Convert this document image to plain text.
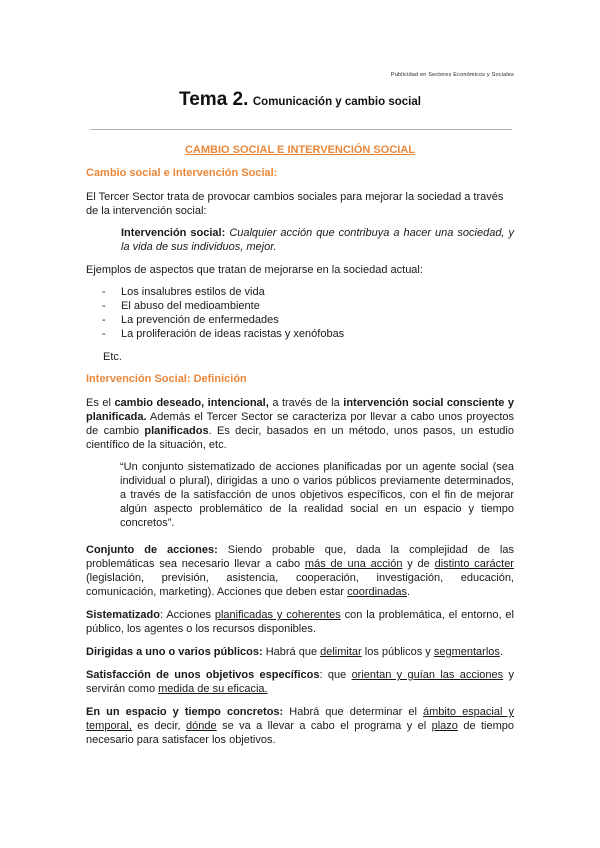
Publicidad en Sectores Económicos y Sociales
Tema 2. Comunicación y cambio social
CAMBIO SOCIAL E INTERVENCIÓN SOCIAL
Cambio social e Intervención Social:

El Tercer Sector trata de provocar cambios sociales para mejorar la sociedad a través de la intervención social:

Intervención social: Cualquier acción que contribuya a hacer una sociedad, y la vida de sus individuos, mejor.

Ejemplos de aspectos que tratan de mejorarse en la sociedad actual:

- Los insalubres estilos de vida
- El abuso del medioambiente
- La prevención de enfermedades
- La proliferación de ideas racistas y xenófobas

Etc.

Intervención Social: Definición

Es el cambio deseado, intencional, a través de la intervención social consciente y planificada. Además el Tercer Sector se caracteriza por llevar a cabo unos proyectos de cambio planificados. Es decir, basados en un método, unos pasos, un estudio científico de la situación, etc.

“Un conjunto sistematizado de acciones planificadas por un agente social (sea individual o plural), dirigidas a uno o varios públicos previamente determinados, a través de la satisfacción de unos objetivos específicos, con el fin de mejorar algún aspecto problemático de la realidad social en un espacio y tiempo concretos”.

Conjunto de acciones: Siendo probable que, dada la complejidad de las problemáticas sea necesario llevar a cabo más de una acción y de distinto carácter (legislación, previsión, asistencia, cooperación, investigación, educación, comunicación, marketing). Acciones que deben estar coordinadas.

Sistematizado: Acciones planificadas y coherentes con la problemática, el entorno, el público, los agentes o los recursos disponibles.

Dirigidas a uno o varios públicos: Habrá que delimitar los públicos y segmentarlos.

Satisfacción de unos objetivos específicos: que orientan y guían las acciones y servirán como medida de su eficacia.

En un espacio y tiempo concretos: Habrá que determinar el ámbito espacial y temporal, es decir, dónde se va a llevar a cabo el programa y el plazo de tiempo necesario para satisfacer los objetivos.
